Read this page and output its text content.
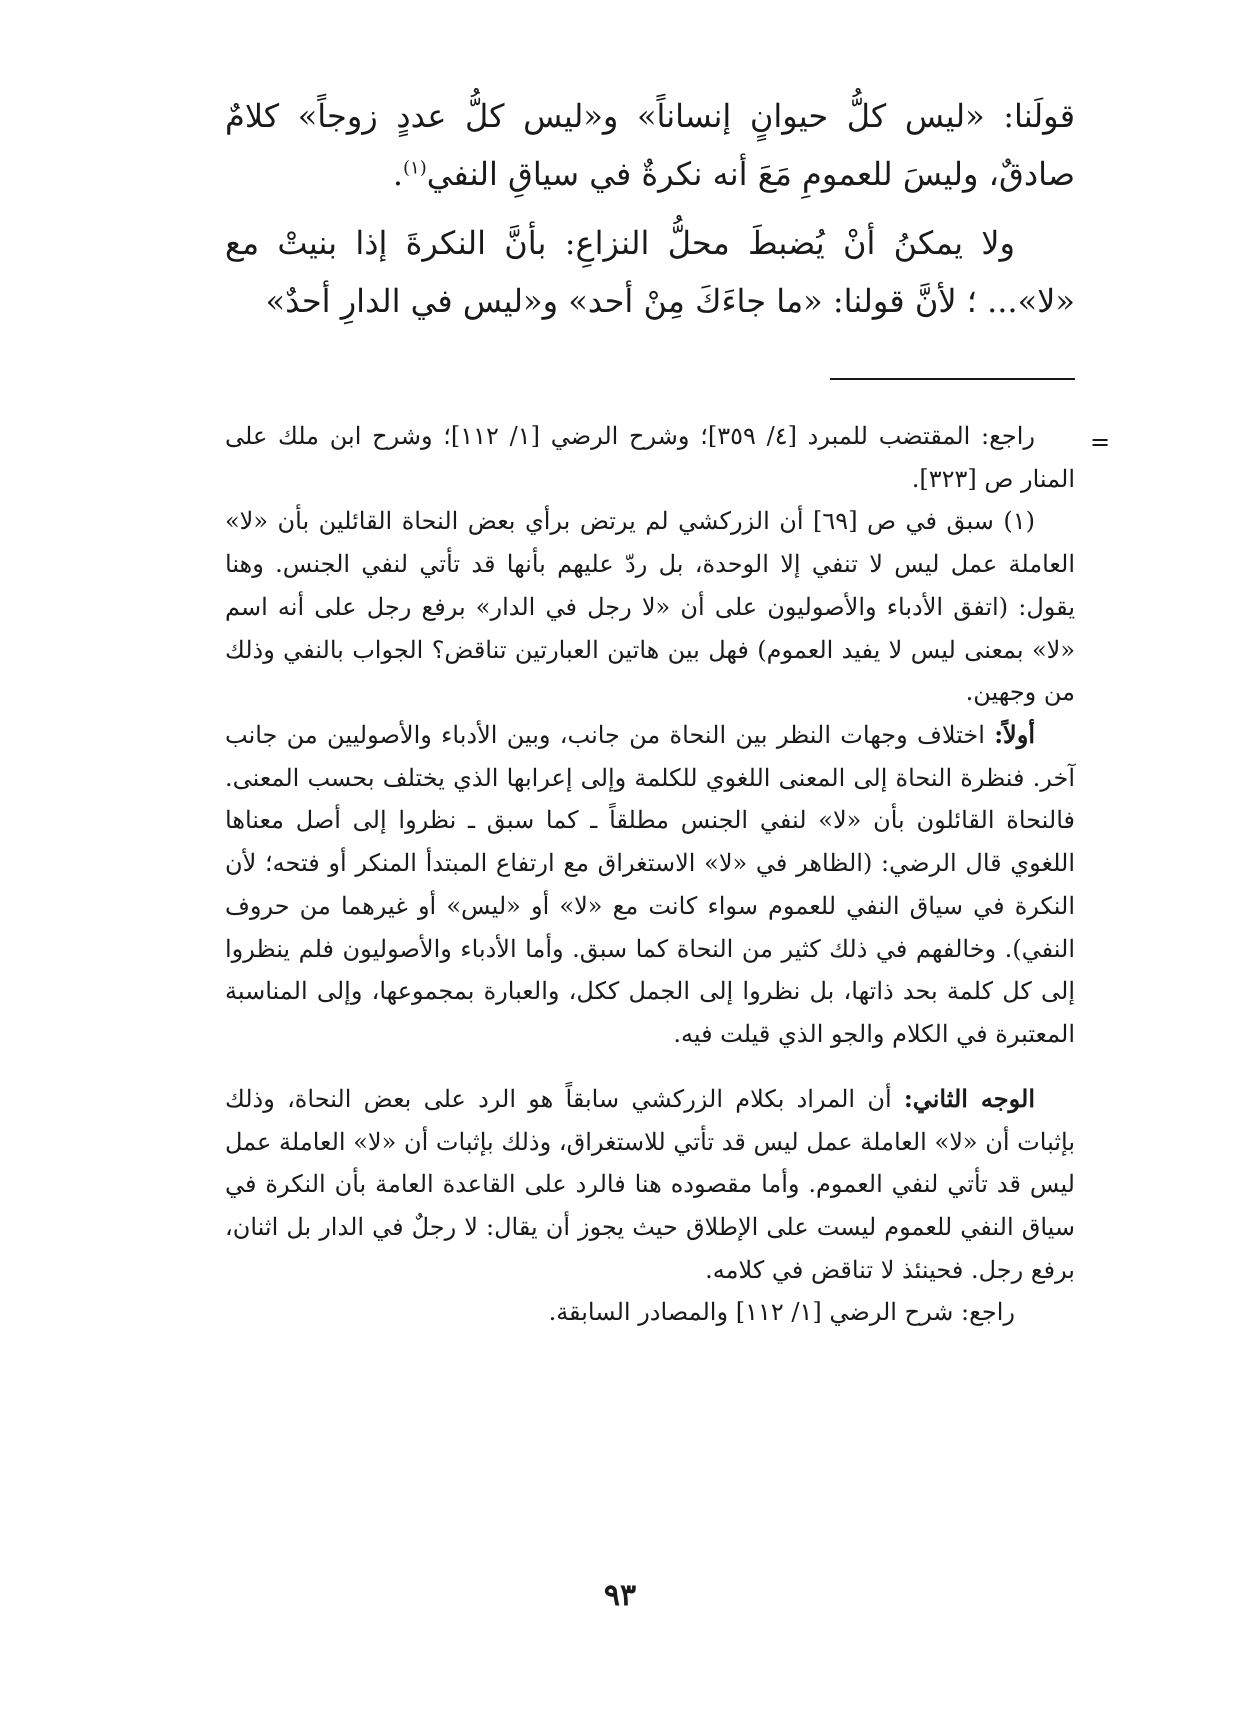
قولَنا: «ليس كلُّ حيوانٍ إنساناً» و«ليس كلُّ عددٍ زوجاً» كلامٌ صادقٌ، وليسَ للعمومِ مَعَ أنه نكرةٌ في سياقِ النفي$^{(١)}$.

ولا يمكنُ أنْ يُضبطَ محلُّ النزاعِ: بأنَّ النكرةَ إذا بنيتْ مع «لا»... ؛ لأنَّ قولنا: «ما جاءَكَ مِنْ أحد» و«ليس في الدارِ أحدٌ»

=

راجع: المقتضب للمبرد [٤/ ٣٥٩]؛ وشرح الرضي [١/ ١١٢]؛ وشرح ابن ملك على المنار ص [٣٢٣].

(١) سبق في ص [٦٩] أن الزركشي لم يرتض برأي بعض النحاة القائلين بأن «لا» العاملة عمل ليس لا تنفي إلا الوحدة، بل ردّ عليهم بأنها قد تأتي لنفي الجنس. وهنا يقول: (اتفق الأدباء والأصوليون على أن «لا رجل في الدار» برفع رجل على أنه اسم «لا» بمعنى ليس لا يفيد العموم) فهل بين هاتين العبارتين تناقض؟ الجواب بالنفي وذلك من وجهين.

أولاً: اختلاف وجهات النظر بين النحاة من جانب، وبين الأدباء والأصوليين من جانب آخر. فنظرة النحاة إلى المعنى اللغوي للكلمة وإلى إعرابها الذي يختلف بحسب المعنى. فالنحاة القائلون بأن «لا» لنفي الجنس مطلقاً ـ كما سبق ـ نظروا إلى أصل معناها اللغوي قال الرضي: (الظاهر في «لا» الاستغراق مع ارتفاع المبتدأ المنكر أو فتحه؛ لأن النكرة في سياق النفي للعموم سواء كانت مع «لا» أو «ليس» أو غيرهما من حروف النفي). وخالفهم في ذلك كثير من النحاة كما سبق. وأما الأدباء والأصوليون فلم ينظروا إلى كل كلمة بحد ذاتها، بل نظروا إلى الجمل ككل، والعبارة بمجموعها، وإلى المناسبة المعتبرة في الكلام والجو الذي قيلت فيه.

الوجه الثاني: أن المراد بكلام الزركشي سابقاً هو الرد على بعض النحاة، وذلك بإثبات أن «لا» العاملة عمل ليس قد تأتي للاستغراق، وذلك بإثبات أن «لا» العاملة عمل ليس قد تأتي لنفي العموم. وأما مقصوده هنا فالرد على القاعدة العامة بأن النكرة في سياق النفي للعموم ليست على الإطلاق حيث يجوز أن يقال: لا رجلٌ في الدار بل اثنان، برفع رجل. فحينئذ لا تناقض في كلامه.

راجع: شرح الرضي [١/ ١١٢] والمصادر السابقة.

٩٣
